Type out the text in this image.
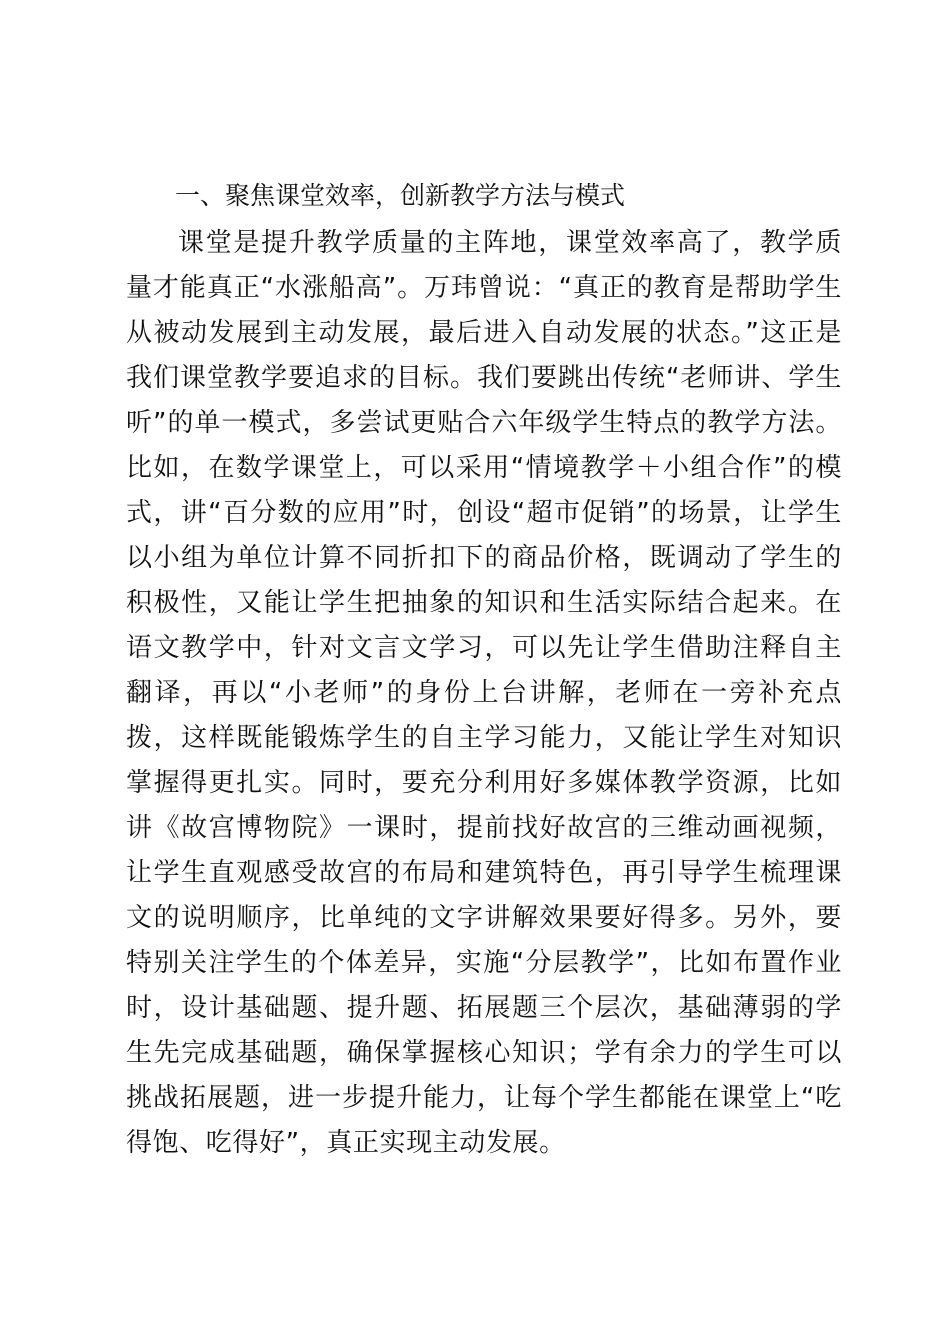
一、聚焦课堂效率，创新教学方法与模式

课堂是提升教学质量的主阵地，课堂效率高了，教学质量才能真正“水涨船高”。万玮曾说：“真正的教育是帮助学生从被动发展到主动发展，最后进入自动发展的状态。”这正是我们课堂教学要追求的目标。我们要跳出传统“老师讲、学生听”的单一模式，多尝试更贴合六年级学生特点的教学方法。比如，在数学课堂上，可以采用“情境教学＋小组合作”的模式，讲“百分数的应用”时，创设“超市促销”的场景，让学生以小组为单位计算不同折扣下的商品价格，既调动了学生的积极性，又能让学生把抽象的知识和生活实际结合起来。在语文教学中，针对文言文学习，可以先让学生借助注释自主翻译，再以“小老师”的身份上台讲解，老师在一旁补充点拨，这样既能锻炼学生的自主学习能力，又能让学生对知识掌握得更扎实。同时，要充分利用好多媒体教学资源，比如讲《故宫博物院》一课时，提前找好故宫的三维动画视频，让学生直观感受故宫的布局和建筑特色，再引导学生梳理课文的说明顺序，比单纯的文字讲解效果要好得多。另外，要特别关注学生的个体差异，实施“分层教学”，比如布置作业时，设计基础题、提升题、拓展题三个层次，基础薄弱的学生先完成基础题，确保掌握核心知识；学有余力的学生可以挑战拓展题，进一步提升能力，让每个学生都能在课堂上“吃得饱、吃得好”，真正实现主动发展。
